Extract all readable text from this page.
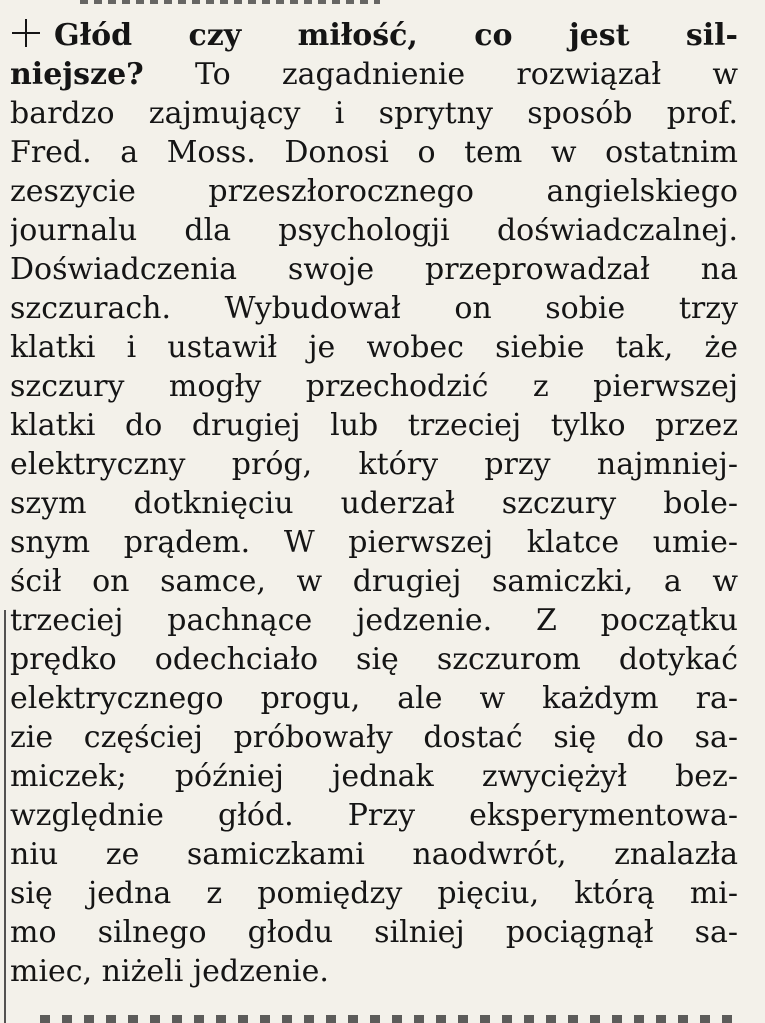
Głód czy miłość, co jest sil-
niejsze? To zagadnienie rozwiązał w
bardzo zajmujący i sprytny sposób prof.
Fred. a Moss. Donosi o tem w ostatnim
zeszycie przeszłorocznego angielskiego
journalu dla psychologji doświadczalnej.
Doświadczenia swoje przeprowadzał na
szczurach. Wybudował on sobie trzy
klatki i ustawił je wobec siebie tak, że
szczury mogły przechodzić z pierwszej
klatki do drugiej lub trzeciej tylko przez
elektryczny próg, który przy najmniej-
szym dotknięciu uderzał szczury bole-
snym prądem. W pierwszej klatce umie-
ścił on samce, w drugiej samiczki, a w
trzeciej pachnące jedzenie. Z początku
prędko odechciało się szczurom dotykać
elektrycznego progu, ale w każdym ra-
zie częściej próbowały dostać się do sa-
miczek; później jednak zwyciężył bez-
względnie głód. Przy eksperymentowa-
niu ze samiczkami naodwrót, znalazła
się jedna z pomiędzy pięciu, którą mi-
mo silnego głodu silniej pociągnął sa-
miec, niżeli jedzenie.
